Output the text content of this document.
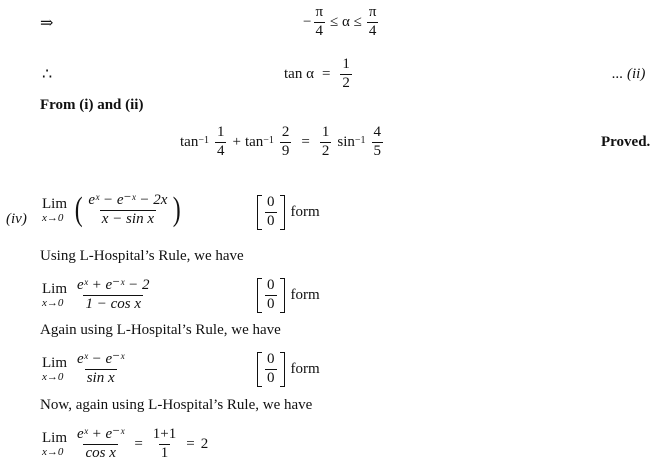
⇒	− $\frac{\pi}{4} \le \alpha \le \frac{\pi}{4}$
∴	$\tan \alpha = \frac{1}{2}$	... (ii)
From (i) and (ii)
$\tan^{-1} \frac{1}{4} + \tan^{-1} \frac{2}{9} = \frac{1}{2} \sin^{-1} \frac{4}{5}$	Proved.
(iv)
Lim
x→0 ( $\frac{\text{eˣ − e⁻ˣ − 2x}}{\text{x − sin x}}$ )	$\frac{0}{0}$ form
Using L-Hospital’s Rule, we have
Lim
$x\to 0 \frac{\text{eˣ + e⁻ˣ − 2}}{\text{1 − cos x}}$	$\frac{0}{0}$ form
Again using L-Hospital’s Rule, we have
Lim
$x\to 0 \frac{\text{eˣ − e⁻ˣ}}{\text{sin x}}$	$\frac{0}{0}$ form
Now, again using L-Hospital’s Rule, we have
Lim
$x\to 0 \frac{\text{eˣ + e⁻ˣ}}{\text{cos x}} = \frac{1+1}{1} = 2$
